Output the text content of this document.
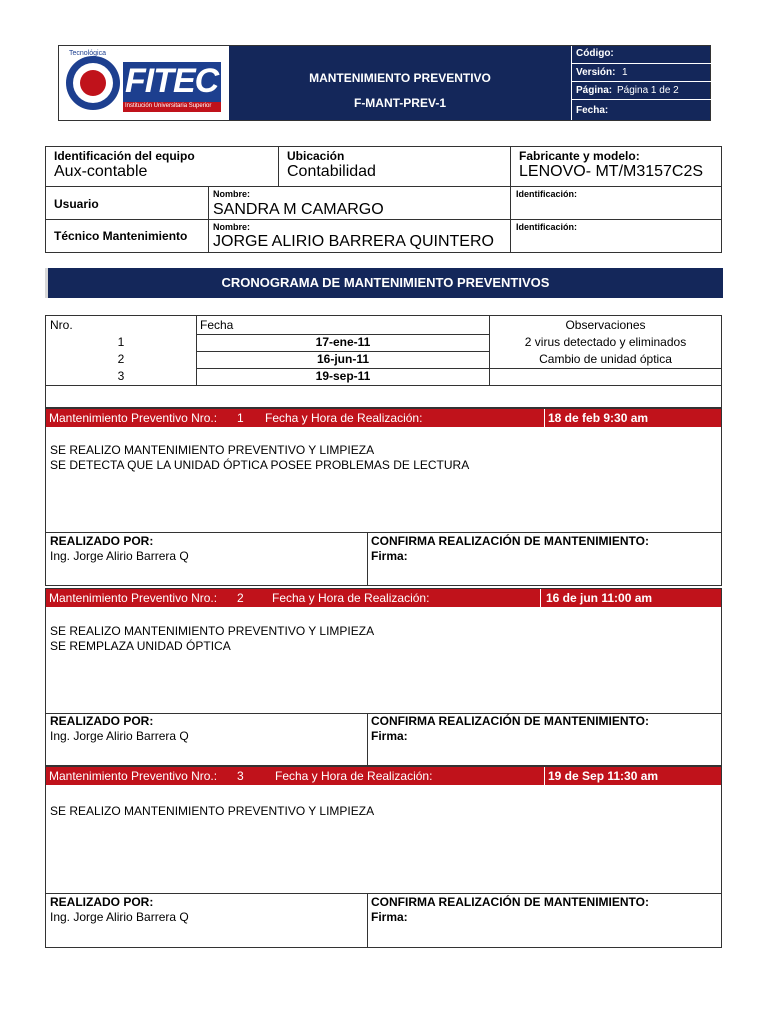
Tecnológica
FITEC
Institución Universitaria Superior
MANTENIMIENTO PREVENTIVO
F-MANT-PREV-1
Código:
Versión: 1
Página: Página 1 de 2
Fecha:
Identificación del equipo
Aux-contable
Ubicación
Contabilidad
Fabricante y modelo:
LENOVO- MT/M3157C2S
Usuario
Nombre:
SANDRA M CAMARGO
Identificación:
Técnico Mantenimiento
Nombre:
JORGE ALIRIO BARRERA QUINTERO
Identificación:
CRONOGRAMA DE MANTENIMIENTO PREVENTIVOS
Nro.	Fecha	Observaciones
1	17-ene-11	2 virus detectado y eliminados
2	16-jun-11	Cambio de unidad óptica
3	19-sep-11
Mantenimiento Preventivo Nro.: 1 Fecha y Hora de Realización:	18 de feb 9:30 am
SE REALIZO MANTENIMIENTO PREVENTIVO Y LIMPIEZA
SE DETECTA QUE LA UNIDAD ÓPTICA POSEE PROBLEMAS DE LECTURA
REALIZADO POR:
Ing. Jorge Alirio Barrera Q
CONFIRMA REALIZACIÓN DE MANTENIMIENTO:
Firma:
Mantenimiento Preventivo Nro.: 2 Fecha y Hora de Realización:	16 de jun 11:00 am
SE REALIZO MANTENIMIENTO PREVENTIVO Y LIMPIEZA
SE REMPLAZA UNIDAD ÓPTICA
REALIZADO POR:
Ing. Jorge Alirio Barrera Q
CONFIRMA REALIZACIÓN DE MANTENIMIENTO:
Firma:
Mantenimiento Preventivo Nro.: 3	Fecha y Hora de Realización:	19 de Sep 11:30 am
SE REALIZO MANTENIMIENTO PREVENTIVO Y LIMPIEZA
REALIZADO POR:
Ing. Jorge Alirio Barrera Q
CONFIRMA REALIZACIÓN DE MANTENIMIENTO:
Firma:
